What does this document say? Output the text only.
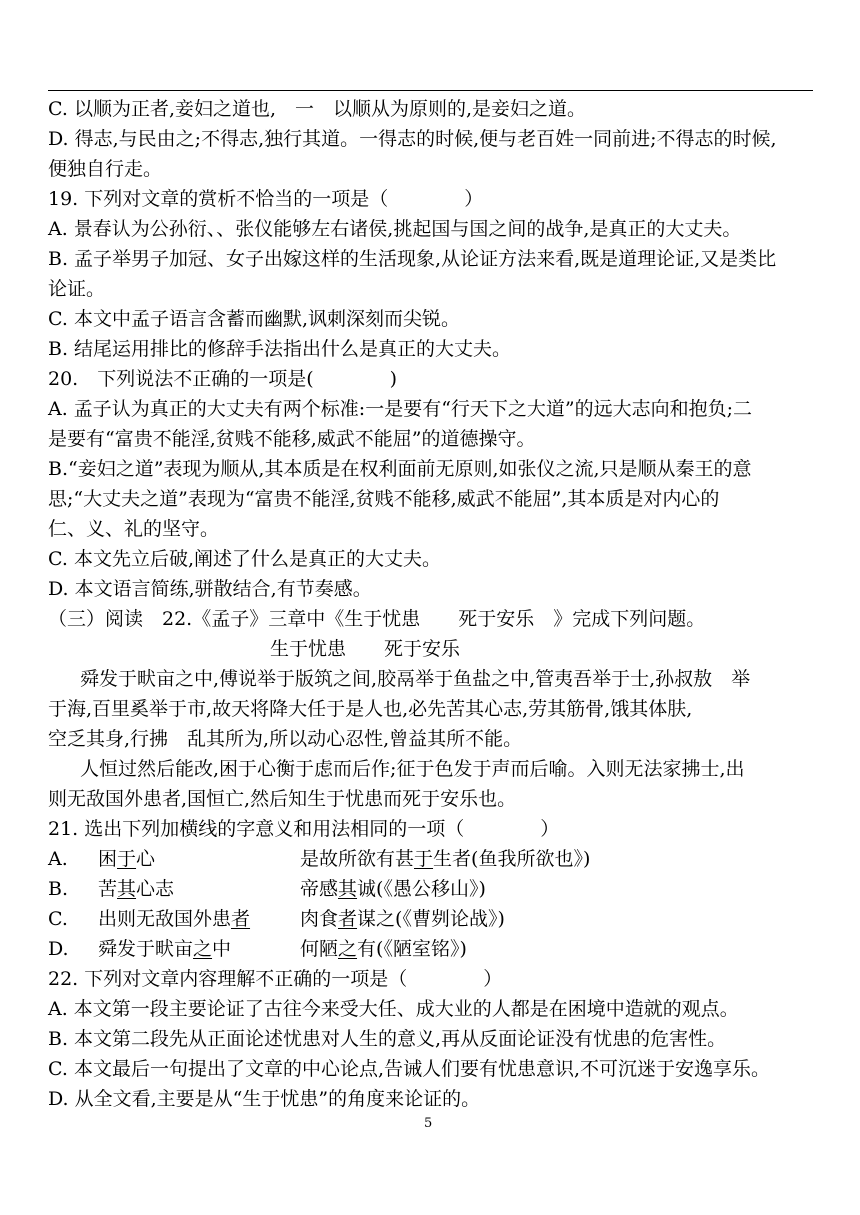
C. 以顺为正者,妾妇之道也,　一　以顺从为原则的,是妾妇之道。
D. 得志,与民由之;不得志,独行其道。一得志的时候,便与老百姓一同前进;不得志的时候,
便独自行走。
19. 下列对文章的赏析不恰当的一项是（　　　　）
A. 景春认为公孙衍、、张仪能够左右诸侯,挑起国与国之间的战争,是真正的大丈夫。
B. 孟子举男子加冠、女子出嫁这样的生活现象,从论证方法来看,既是道理论证,又是类比
论证。
C. 本文中孟子语言含蓄而幽默,讽刺深刻而尖锐。
B. 结尾运用排比的修辞手法指出什么是真正的大丈夫。
20.　下列说法不正确的一项是(　　　　)
A. 孟子认为真正的大丈夫有两个标准:一是要有“行天下之大道”的远大志向和抱负;二
是要有“富贵不能淫,贫贱不能移,威武不能屈”的道德操守。
B.“妾妇之道”表现为顺从,其本质是在权利面前无原则,如张仪之流,只是顺从秦王的意
思;“大丈夫之道”表现为“富贵不能淫,贫贱不能移,威武不能屈”,其本质是对内心的
仁、义、礼的坚守。
C. 本文先立后破,阐述了什么是真正的大丈夫。
D. 本文语言简练,骈散结合,有节奏感。
（三）阅读　22.《孟子》三章中《生于忧患　　死于安乐　》完成下列问题。
生于忧患　　死于安乐
舜发于畎亩之中,傅说举于版筑之间,胶鬲举于鱼盐之中,管夷吾举于士,孙叔敖　举
于海,百里奚举于市,故天将降大任于是人也,必先苦其心志,劳其筋骨,饿其体肤,
空乏其身,行拂　乱其所为,所以动心忍性,曾益其所不能。
人恒过然后能改,困于心衡于虑而后作;征于色发于声而后喻。入则无法家拂士,出
则无敌国外患者,国恒亡,然后知生于忧患而死于安乐也。
21. 选出下列加横线的字意义和用法相同的一项（　　　　）
A. 困于心	是故所欲有甚于生者(鱼我所欲也》)
B. 苦其心志	帝感其诚(《愚公移山》)
C. 出则无敌国外患者	肉食者谋之(《曹刿论战》)
D. 舜发于畎亩之中	何陋之有(《陋室铭》)
22. 下列对文章内容理解不正确的一项是（　　　　）
A. 本文第一段主要论证了古往今来受大任、成大业的人都是在困境中造就的观点。
B. 本文第二段先从正面论述忧患对人生的意义,再从反面论证没有忧患的危害性。
C. 本文最后一句提出了文章的中心论点,告诫人们要有忧患意识,不可沉迷于安逸享乐。
D. 从全文看,主要是从“生于忧患”的角度来论证的。
5
